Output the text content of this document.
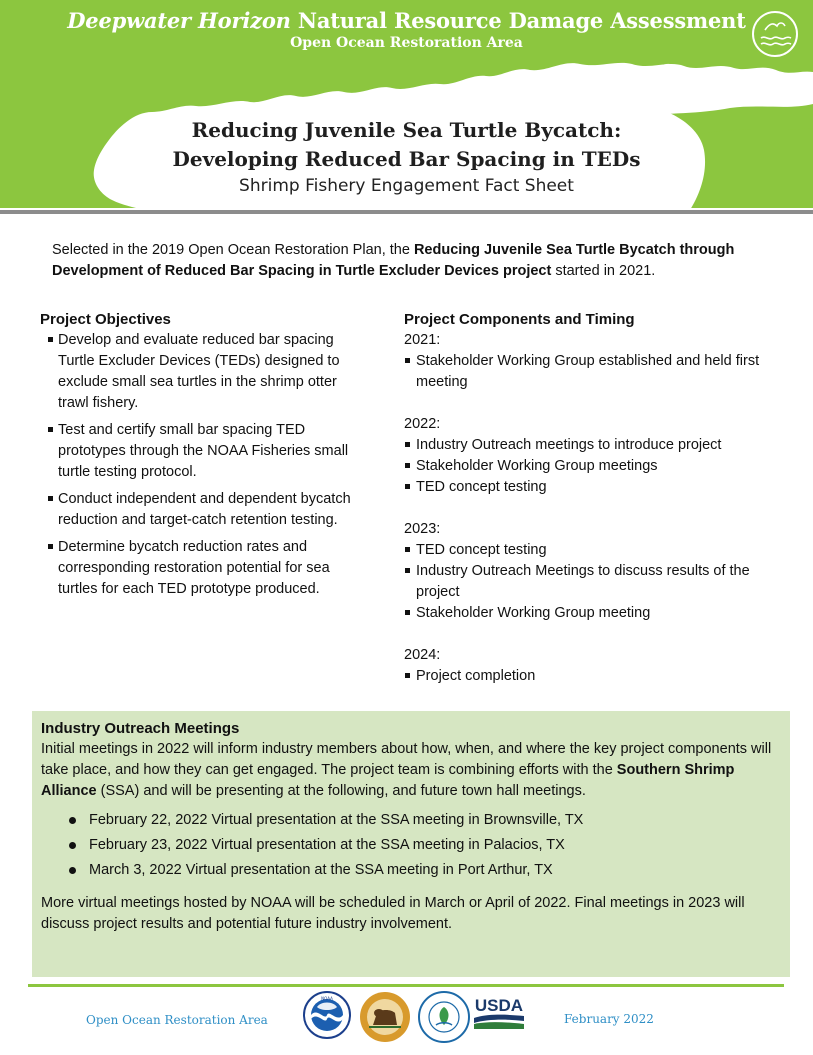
Deepwater Horizon Natural Resource Damage Assessment
Open Ocean Restoration Area
Reducing Juvenile Sea Turtle Bycatch:
Developing Reduced Bar Spacing in TEDs
Shrimp Fishery Engagement Fact Sheet

Selected in the 2019 Open Ocean Restoration Plan, the Reducing Juvenile Sea Turtle Bycatch through Development of Reduced Bar Spacing in Turtle Excluder Devices project started in 2021.

Project Objectives
Develop and evaluate reduced bar spacing Turtle Excluder Devices (TEDs) designed to exclude small sea turtles in the shrimp otter trawl fishery.
Test and certify small bar spacing TED prototypes through the NOAA Fisheries small turtle testing protocol.
Conduct independent and dependent bycatch reduction and target-catch retention testing.
Determine bycatch reduction rates and corresponding restoration potential for sea turtles for each TED prototype produced.
Project Components and Timing
2021:
Stakeholder Working Group established and held first meeting
2022:
Industry Outreach meetings to introduce project
Stakeholder Working Group meetings
TED concept testing
2023:
TED concept testing
Industry Outreach Meetings to discuss results of the project
Stakeholder Working Group meeting
2024:
Project completion
Industry Outreach Meetings

Initial meetings in 2022 will inform industry members about how, when, and where the key project components will take place, and how they can get engaged. The project team is combining efforts with the Southern Shrimp Alliance (SSA) and will be presenting at the following, and future town hall meetings.

February 22, 2022 Virtual presentation at the SSA meeting in Brownsville, TX
February 23, 2022 Virtual presentation at the SSA meeting in Palacios, TX
March 3, 2022 Virtual presentation at the SSA meeting in Port Arthur, TX

More virtual meetings hosted by NOAA will be scheduled in March or April of 2022. Final meetings in 2023 will discuss project results and potential future industry involvement.

Open Ocean Restoration Area
NOAA	USDA
February 2022
